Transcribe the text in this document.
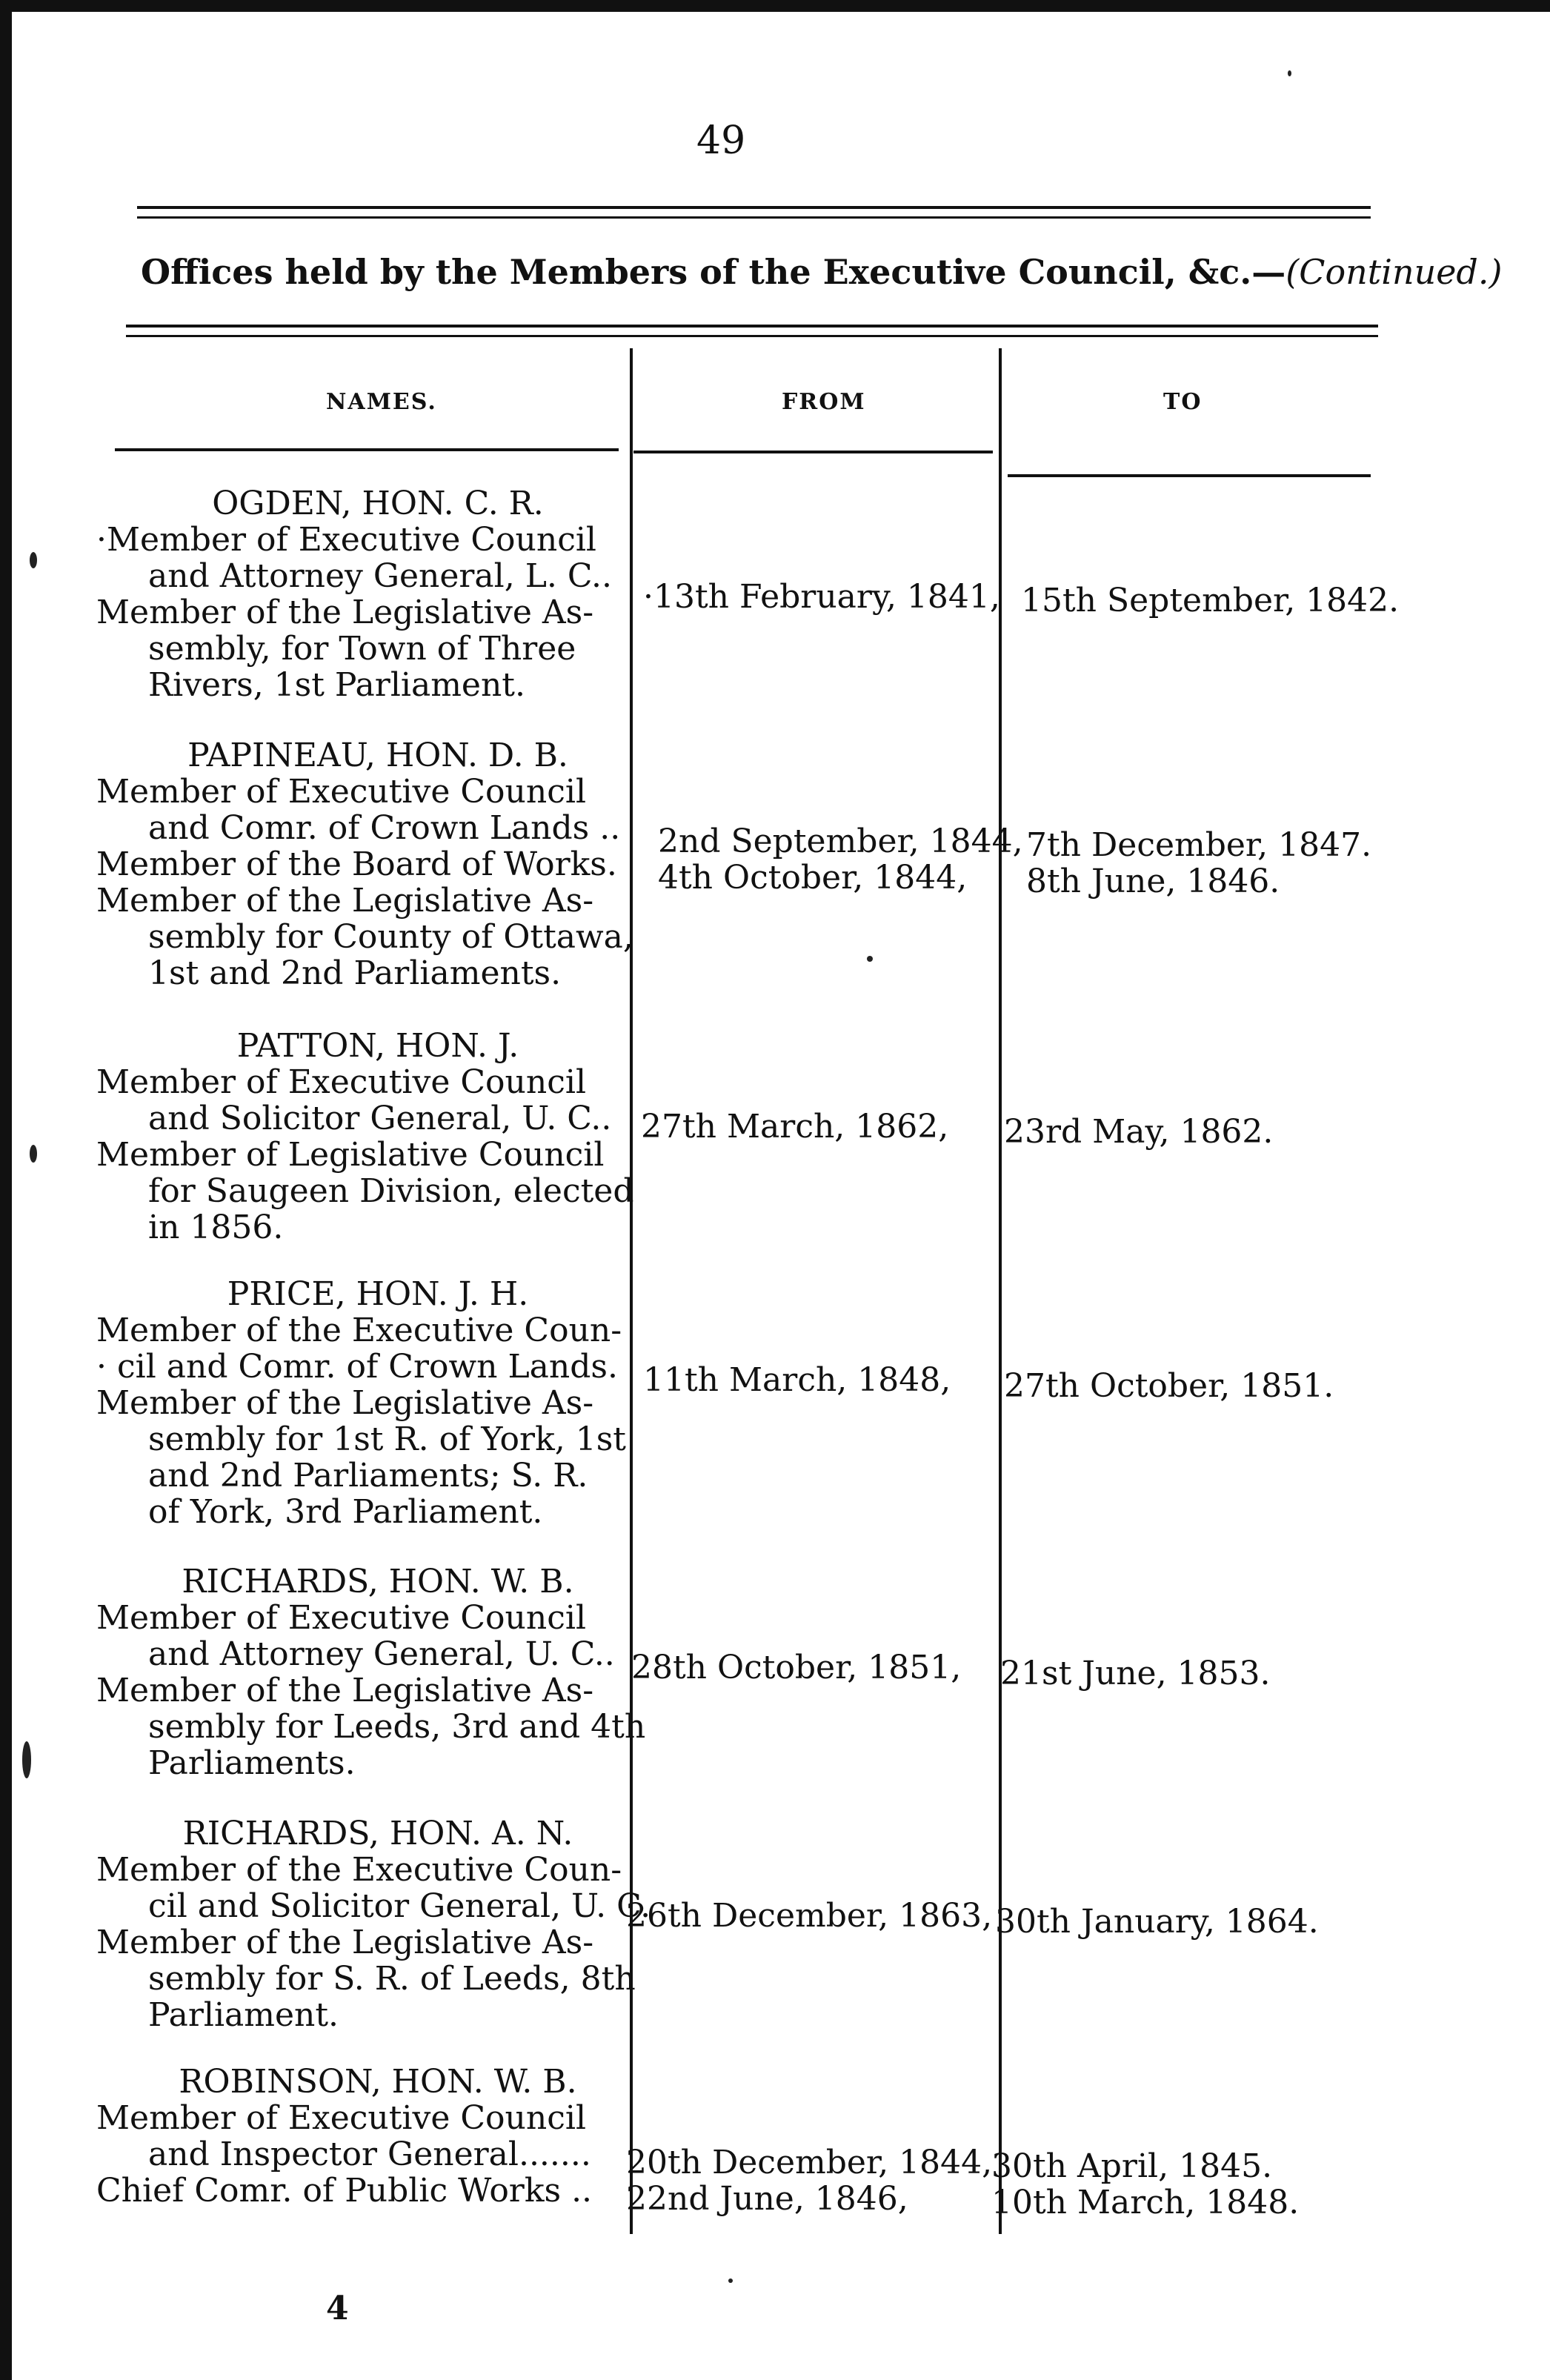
49
Offices held by the Members of the Executive Council, &c.—(Continued.)
NAMES.	FROM	TO
OGDEN, HON. C. R.
·Member of Executive Council
and Attorney General, L. C..
Member of the Legislative As-
sembly, for Town of Three
Rivers, 1st Parliament.
·13th February, 1841, 15th September, 1842.
PAPINEAU, HON. D. B.
Member of Executive Council
and Comr. of Crown Lands ..
Member of the Board of Works.
Member of the Legislative As-
sembly for County of Ottawa,
1st and 2nd Parliaments.
2nd September, 1844,
4th October, 1844,
7th December, 1847.
8th June, 1846.
PATTON, HON. J.
Member of Executive Council
and Solicitor General, U. C..
Member of Legislative Council
for Saugeen Division, elected
in 1856.
27th March, 1862, 23rd May, 1862.
PRICE, HON. J. H.
Member of the Executive Coun-
· cil and Comr. of Crown Lands.
Member of the Legislative As-
sembly for 1st R. of York, 1st
and 2nd Parliaments; S. R.
of York, 3rd Parliament.
11th March, 1848, 27th October, 1851.
RICHARDS, HON. W. B.
Member of Executive Council
and Attorney General, U. C..
Member of the Legislative As-
sembly for Leeds, 3rd and 4th
Parliaments.
28th October, 1851, 21st June, 1853.
RICHARDS, HON. A. N.
Member of the Executive Coun-
cil and Solicitor General, U. C.
Member of the Legislative As-
sembly for S. R. of Leeds, 8th
Parliament.
26th December, 1863, 30th January, 1864.
ROBINSON, HON. W. B.
Member of Executive Council
and Inspector General.......
Chief Comr. of Public Works ..
20th December, 1844,
22nd June, 1846,
30th April, 1845.
10th March, 1848.
4
